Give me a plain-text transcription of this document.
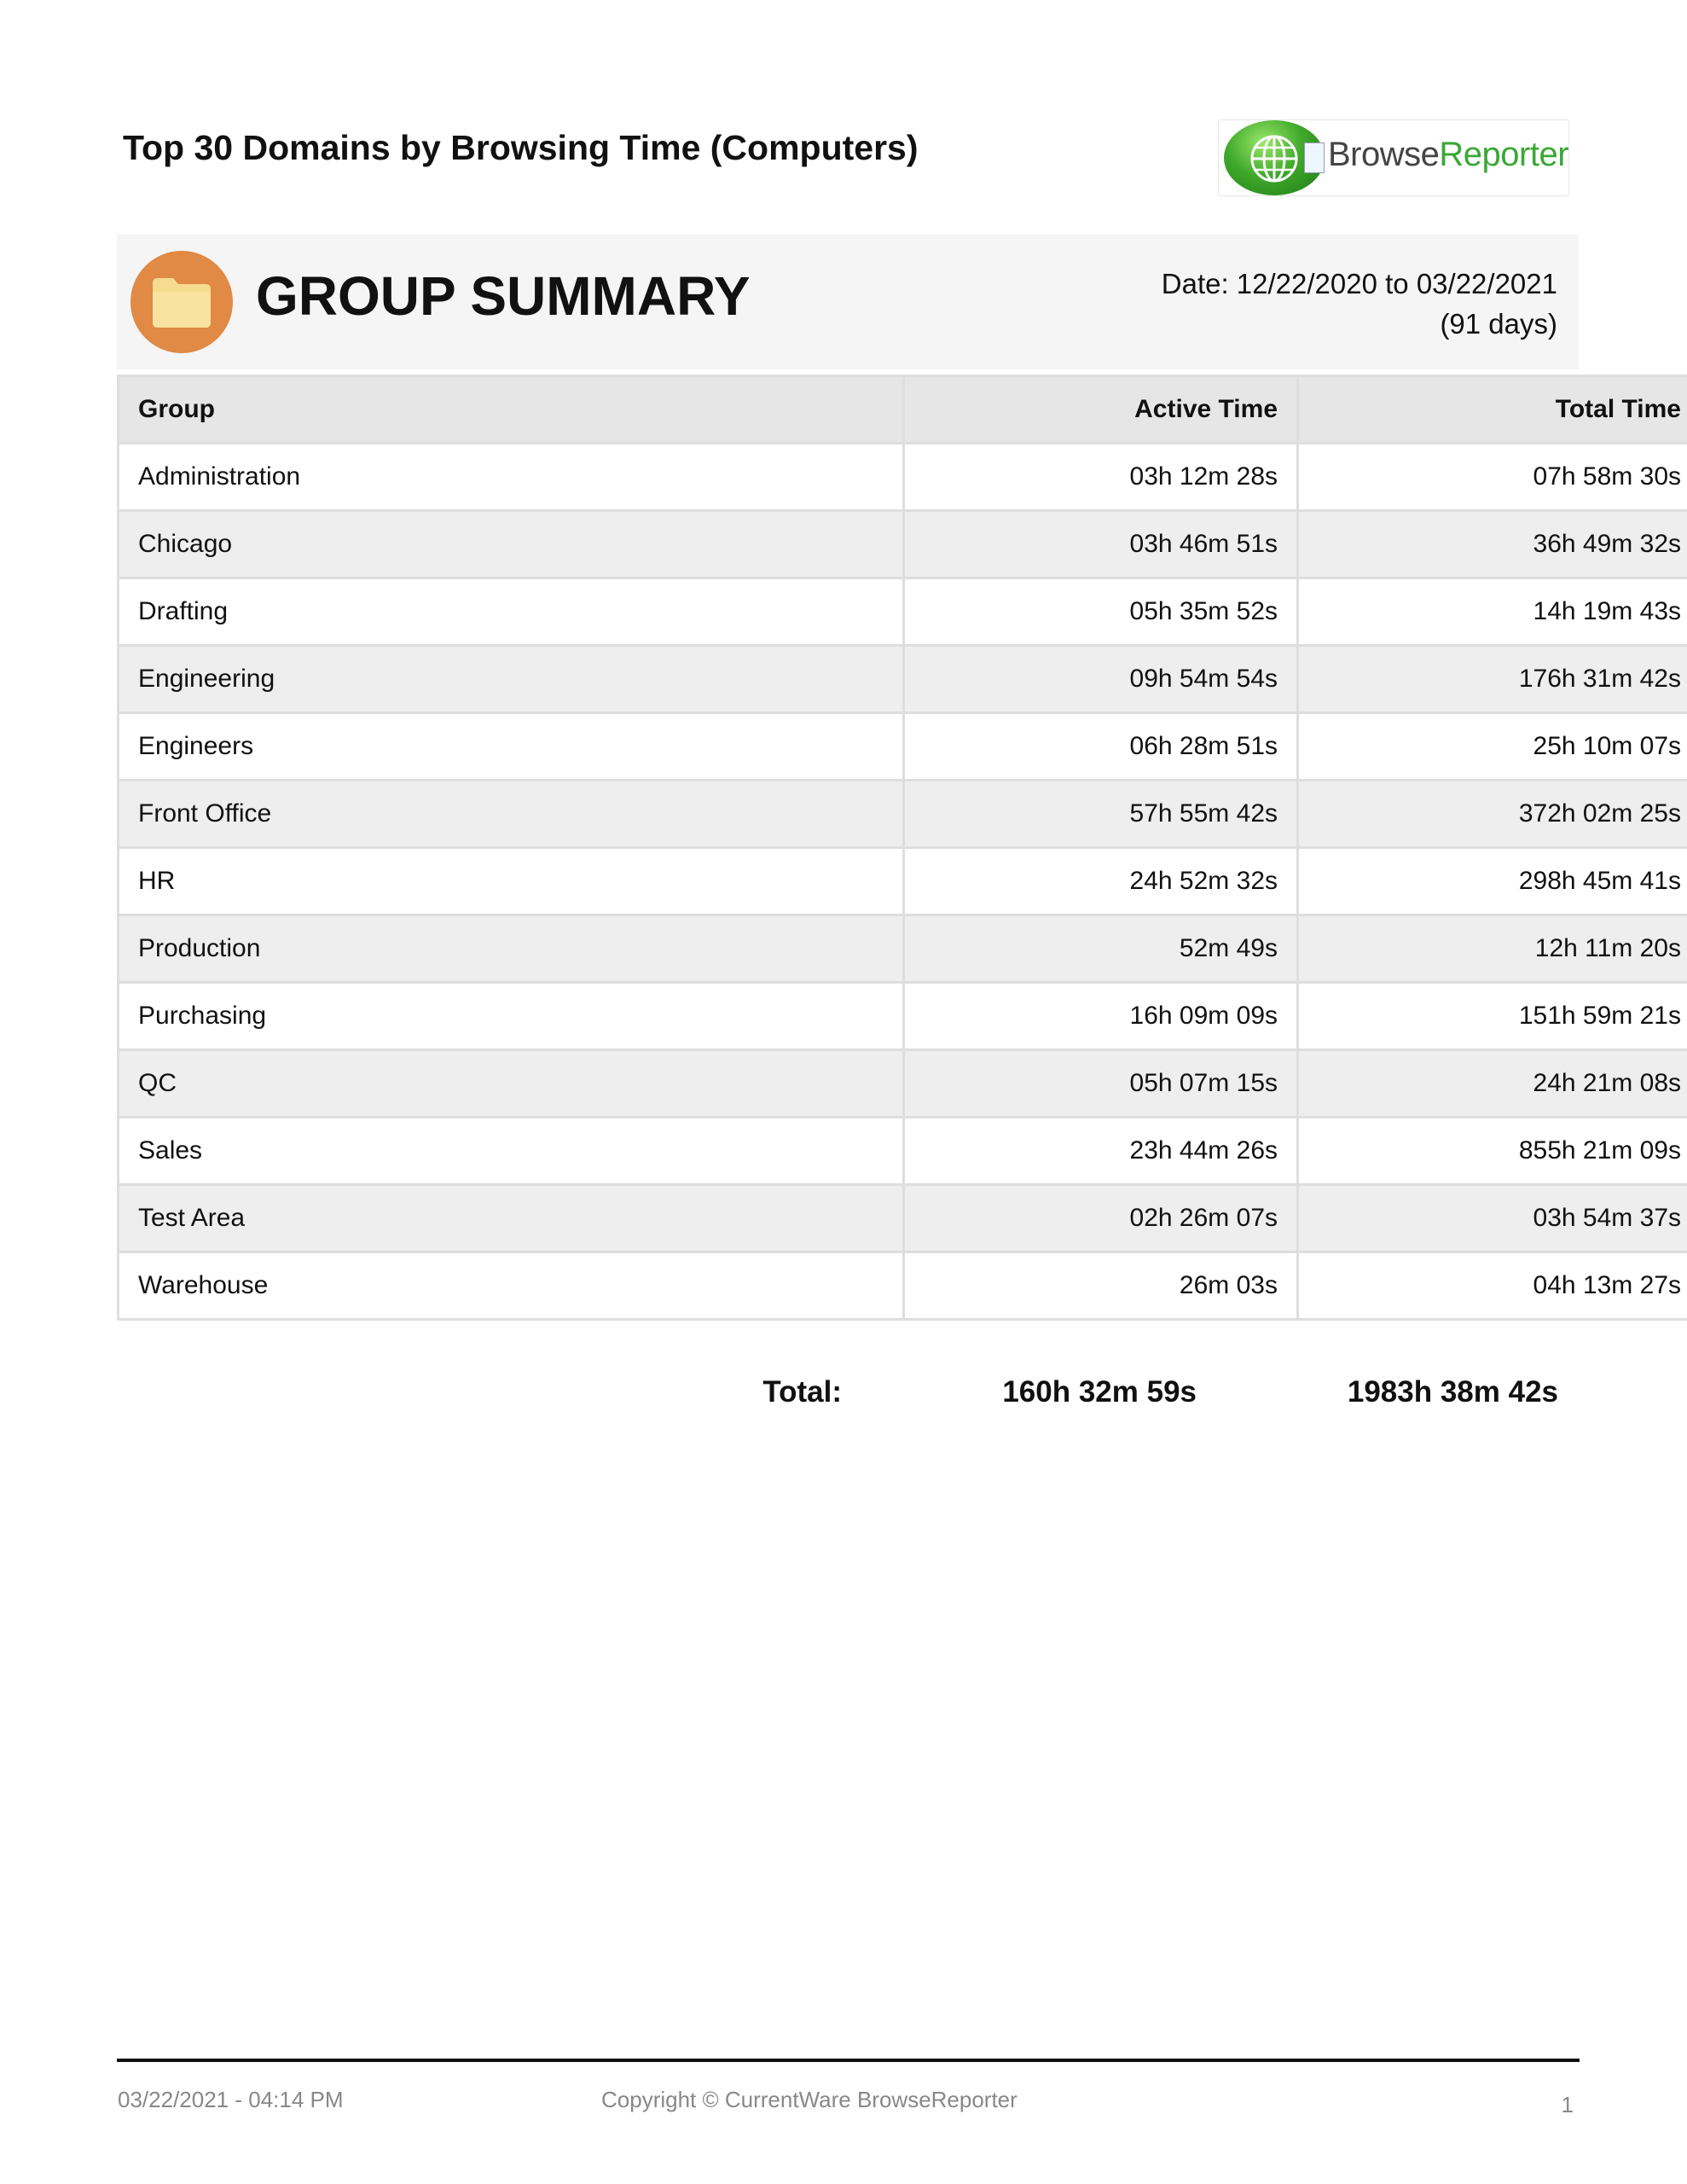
Top 30 Domains by Browsing Time (Computers)	BrowseReporter
GROUP SUMMARY	Date: 12/22/2020 to 03/22/2021
(91 days)
Group	Active Time	Total Time
Administration	03h 12m 28s	07h 58m 30s
Chicago	03h 46m 51s	36h 49m 32s
Drafting	05h 35m 52s	14h 19m 43s
Engineering	09h 54m 54s	176h 31m 42s
Engineers	06h 28m 51s	25h 10m 07s
Front Office	57h 55m 42s	372h 02m 25s
HR	24h 52m 32s	298h 45m 41s
Production	52m 49s	12h 11m 20s
Purchasing	16h 09m 09s	151h 59m 21s
QC	05h 07m 15s	24h 21m 08s
Sales	23h 44m 26s	855h 21m 09s
Test Area	02h 26m 07s	03h 54m 37s
Warehouse	26m 03s	04h 13m 27s
Total:	160h 32m 59s	1983h 38m 42s
03/22/2021 - 04:14 PM	Copyright © CurrentWare BrowseReporter	1
